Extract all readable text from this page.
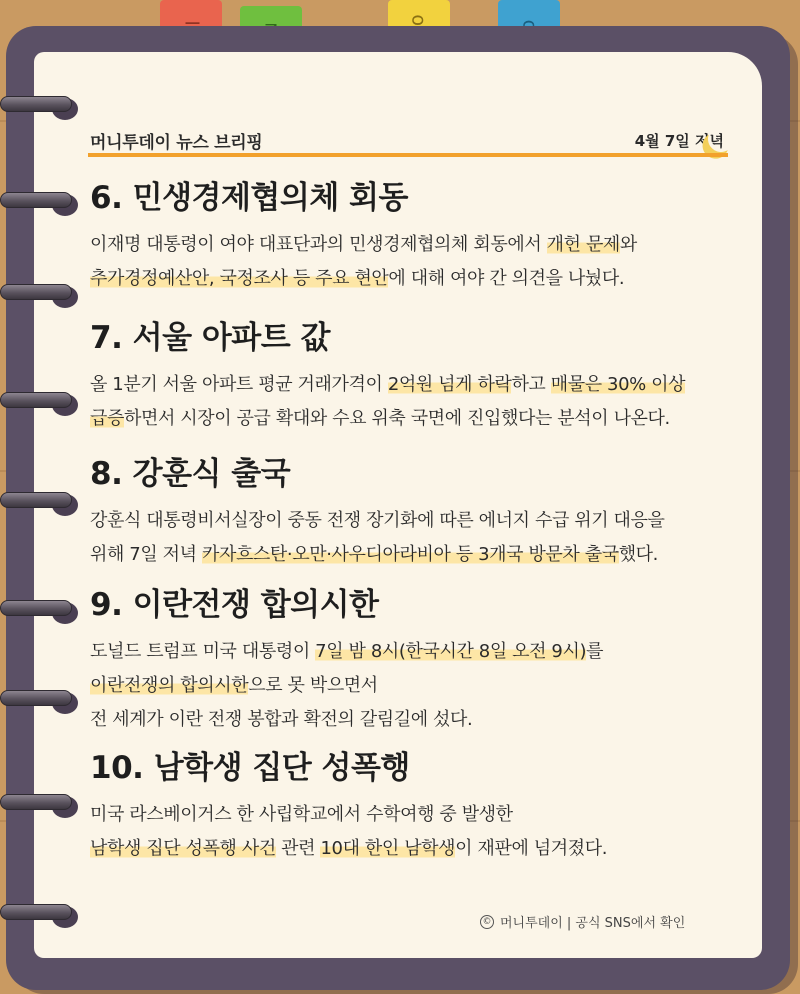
머니투데이 뉴스 브리핑	4월 7일 저녁
6. 민생경제협의체 회동
이재명 대통령이 여야 대표단과의 민생경제협의체 회동에서 개헌 문제와
추가경정예산안, 국정조사 등 주요 현안에 대해 여야 간 의견을 나눴다.
7. 서울 아파트 값
올 1분기 서울 아파트 평균 거래가격이 2억원 넘게 하락하고 매물은 30% 이상
급증하면서 시장이 공급 확대와 수요 위축 국면에 진입했다는 분석이 나온다.
8. 강훈식 출국
강훈식 대통령비서실장이 중동 전쟁 장기화에 따른 에너지 수급 위기 대응을
위해 7일 저녁 카자흐스탄·오만·사우디아라비아 등 3개국 방문차 출국했다.
9. 이란전쟁 합의시한
도널드 트럼프 미국 대통령이 7일 밤 8시(한국시간 8일 오전 9시)를
이란전쟁의 합의시한으로 못 박으면서
전 세계가 이란 전쟁 봉합과 확전의 갈림길에 섰다.
10. 남학생 집단 성폭행
미국 라스베이거스 한 사립학교에서 수학여행 중 발생한
남학생 집단 성폭행 사건 관련 10대 한인 남학생이 재판에 넘겨졌다.
© 머니투데이 | 공식 SNS에서 확인
